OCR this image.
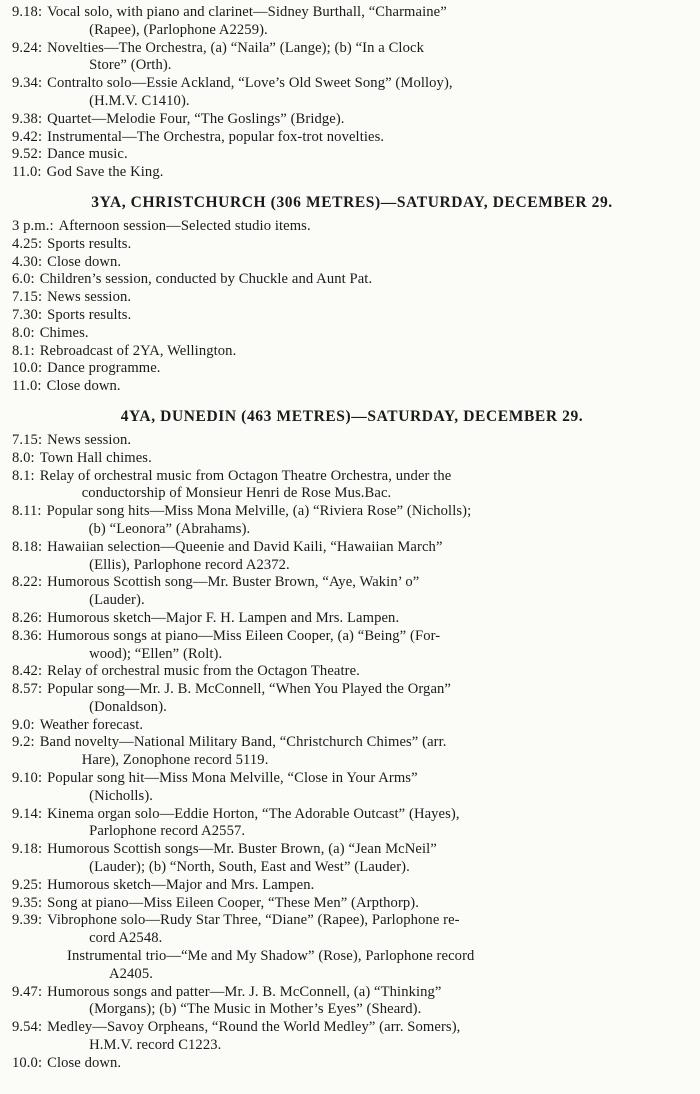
9.18 : Vocal solo, with piano and clarinet—Sidney Burthall, “Charmaine”
(Rapee), (Parlophone A2259).
9.24 : Novelties—The Orchestra, (a) “Naila” (Lange); (b) “In a Clock
Store” (Orth).
9.34 : Contralto solo—Essie Ackland, “Love’s Old Sweet Song” (Molloy),
(H.M.V. C1410).
9.38 : Quartet—Melodie Four, “The Goslings” (Bridge).
9.42 : Instrumental—The Orchestra, popular fox-trot novelties.
9.52 : Dance music.
11.0 : God Save the King.
3YA, CHRISTCHURCH (306 METRES)—SATURDAY, DECEMBER 29.
3 p.m. : Afternoon session—Selected studio items.
4.25 : Sports results.
4.30 : Close down.
6.0 : Children’s session, conducted by Chuckle and Aunt Pat.
7.15 : News session.
7.30 : Sports results.
8.0 : Chimes.
8.1 : Rebroadcast of 2YA, Wellington.
10.0 : Dance programme.
11.0 : Close down.
4YA, DUNEDIN (463 METRES)—SATURDAY, DECEMBER 29.
7.15 : News session.
8.0 : Town Hall chimes.
8.1 : Relay of orchestral music from Octagon Theatre Orchestra, under the
conductorship of Monsieur Henri de Rose Mus.Bac.
8.11 : Popular song hits—Miss Mona Melville, (a) “Riviera Rose” (Nicholls);
(b) “Leonora” (Abrahams).
8.18 : Hawaiian selection—Queenie and David Kaili, “Hawaiian March”
(Ellis), Parlophone record A2372.
8.22 : Humorous Scottish song—Mr. Buster Brown, “Aye, Wakin’ o”
(Lauder).
8.26 : Humorous sketch—Major F. H. Lampen and Mrs. Lampen.
8.36 : Humorous songs at piano—Miss Eileen Cooper, (a) “Being” (For-
wood); “Ellen” (Rolt).
8.42 : Relay of orchestral music from the Octagon Theatre.
8.57 : Popular song—Mr. J. B. McConnell, “When You Played the Organ”
(Donaldson).
9.0 : Weather forecast.
9.2 : Band novelty—National Military Band, “Christchurch Chimes” (arr.
Hare), Zonophone record 5119.
9.10 : Popular song hit—Miss Mona Melville, “Close in Your Arms”
(Nicholls).
9.14 : Kinema organ solo—Eddie Horton, “The Adorable Outcast” (Hayes),
Parlophone record A2557.
9.18 : Humorous Scottish songs—Mr. Buster Brown, (a) “Jean McNeil”
(Lauder); (b) “North, South, East and West” (Lauder).
9.25 : Humorous sketch—Major and Mrs. Lampen.
9.35 : Song at piano—Miss Eileen Cooper, “These Men” (Arpthorp).
9.39 : Vibrophone solo—Rudy Star Three, “Diane” (Rapee), Parlophone re-
cord A2548.
Instrumental trio—“Me and My Shadow” (Rose), Parlophone record
A2405.
9.47 : Humorous songs and patter—Mr. J. B. McConnell, (a) “Thinking”
(Morgans); (b) “The Music in Mother’s Eyes” (Sheard).
9.54 : Medley—Savoy Orpheans, “Round the World Medley” (arr. Somers),
H.M.V. record C1223.
10.0 : Close down.
